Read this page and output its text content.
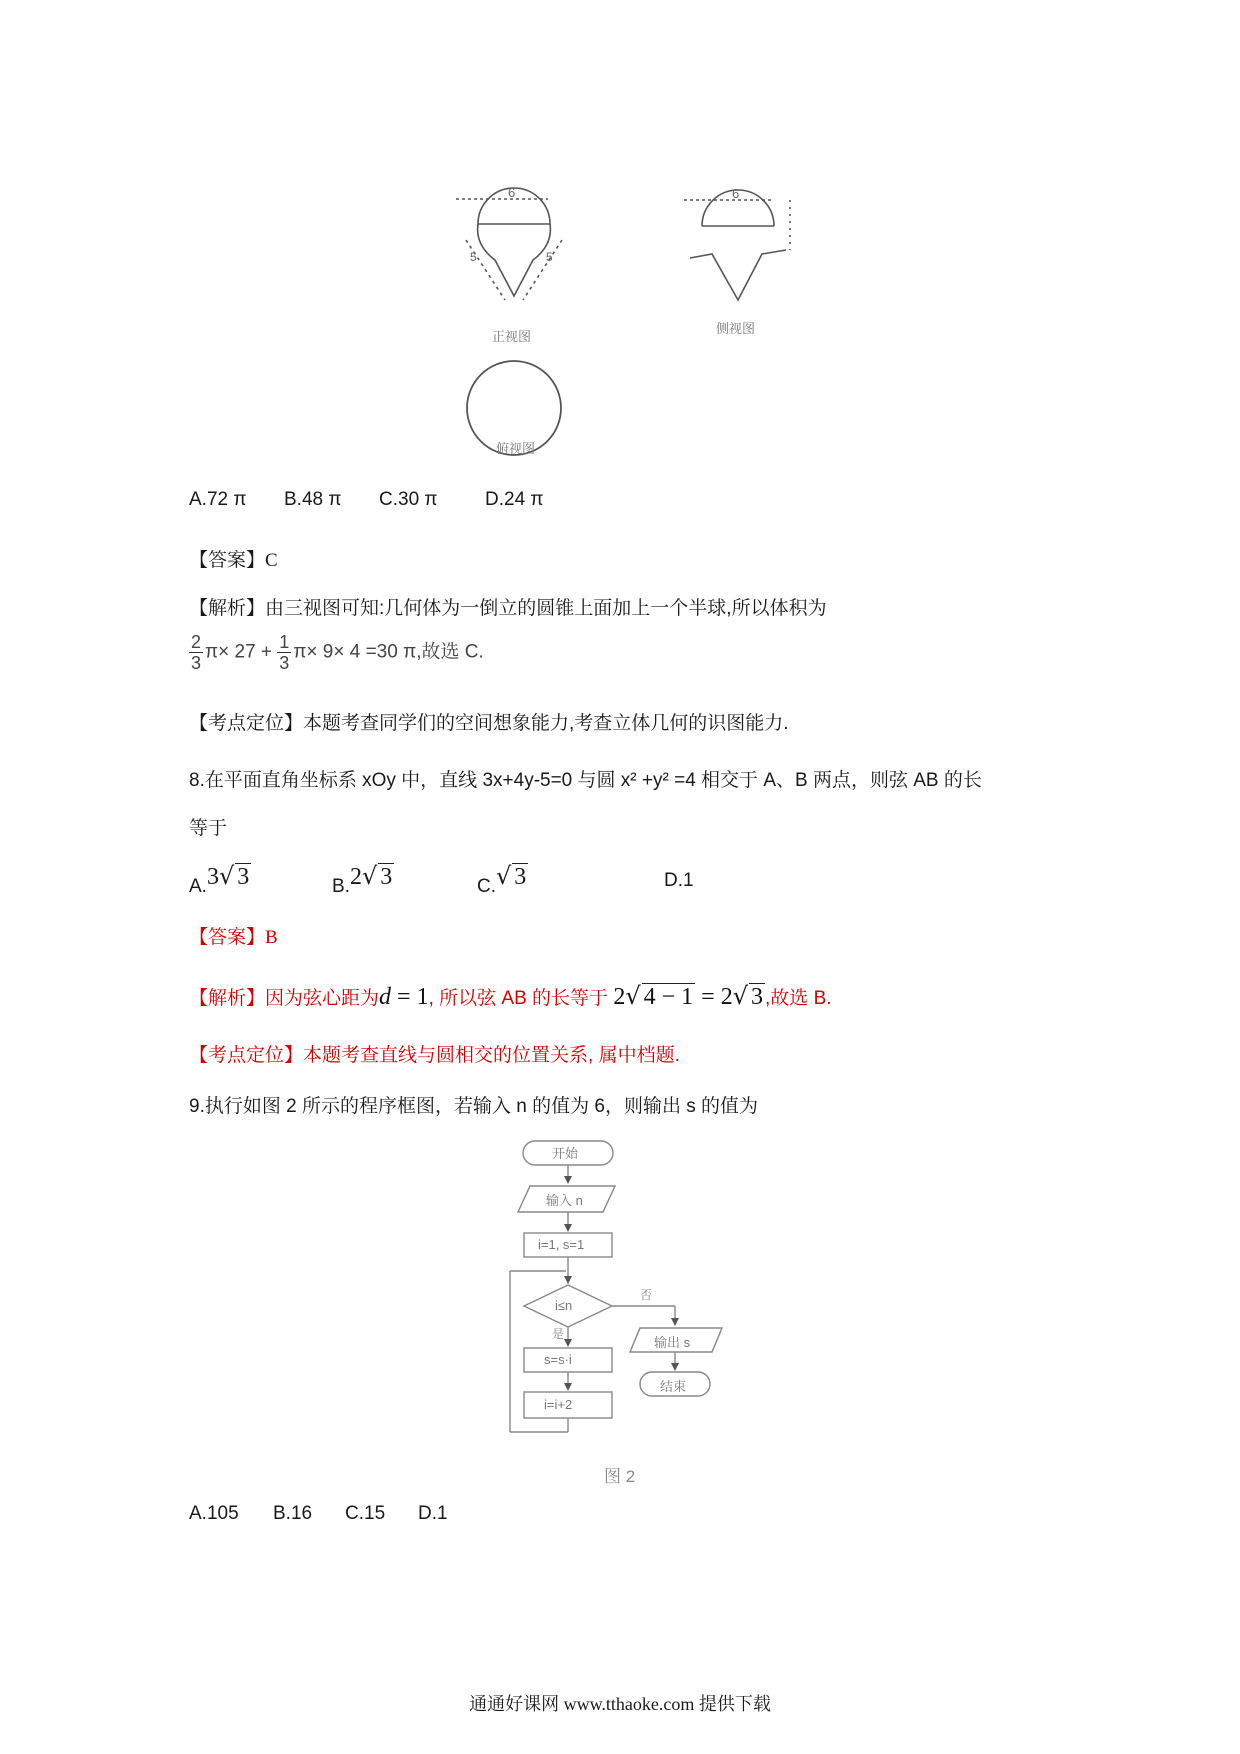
6
5	5
正视图
6
侧视图
俯视图
A.72 π B.48 π C.30 π D.24 π
【答案】C
【解析】由三视图可知:几何体为一倒立的圆锥上面加上一个半球,所以体积为
$\frac{2}{3} \pi\times 27 + \frac{1}{3} \pi\times 9\times 4 =30$ π,故选 C.
【考点定位】本题考查同学们的空间想象能力,考查立体几何的识图能力.
8.在平面直角坐标系 xOy 中，直线 3x+4y-5=0 与圆 x² +y² =4 相交于 A、B 两点，则弦 AB 的长
等于
A.3√ 3	B.2√ 3	C.√ 3	D.1
【答案】B
【解析】因为弦心距为d = 1, 所以弦 AB 的长等于 2√ 4 − 1 = 2√ 3 ,故选 B.
【考点定位】本题考查直线与圆相交的位置关系, 属中档题.
9.执行如图 2 所示的程序框图，若输入 n 的值为 6，则输出 s 的值为
开始
输入 n
i=1, s=1
i≤n
是
否
s=s·i
i=i+2
输出 s
结束
图 2
A.105 B.16 C.15 D.1
通通好课网 www.tthaoke.com 提供下载
